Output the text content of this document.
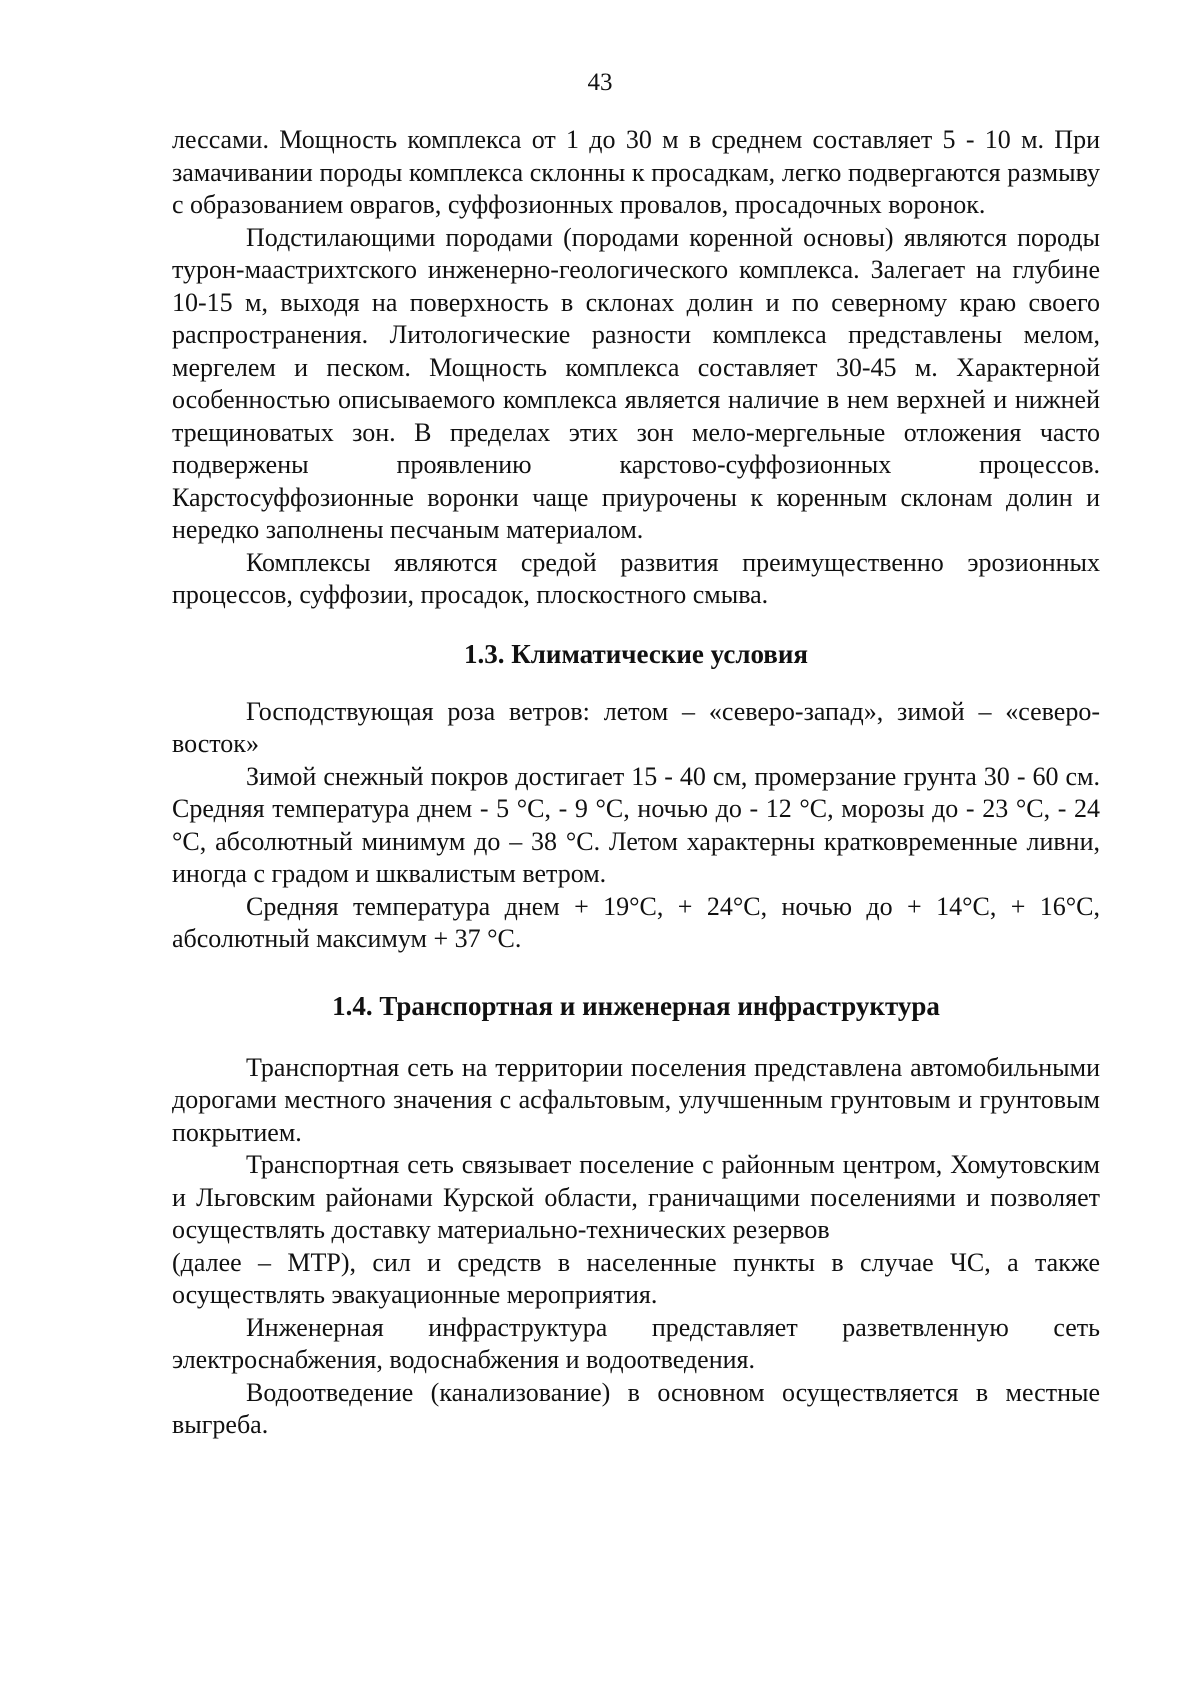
43

лессами. Мощность комплекса от 1 до 30 м в среднем составляет 5 - 10 м. При замачивании породы комплекса склонны к просадкам, легко подвергаются размыву с образованием оврагов, суффозионных провалов, просадочных воронок.

Подстилающими породами (породами коренной основы) являются породы турон-маастрихтского инженерно-геологического комплекса. Залегает на глубине 10-15 м, выходя на поверхность в склонах долин и по северному краю своего распространения. Литологические разности комплекса представлены мелом, мергелем и песком. Мощность комплекса составляет 30-45 м. Характерной особенностью описываемого комплекса является наличие в нем верхней и нижней трещиноватых зон. В пределах этих зон мело-мергельные отложения часто подвержены проявлению карстово-суффозионных процессов. Карстосуффозионные воронки чаще приурочены к коренным склонам долин и нередко заполнены песчаным материалом.

Комплексы являются средой развития преимущественно эрозионных процессов, суффозии, просадок, плоскостного смыва.

1.3. Климатические условия

Господствующая роза ветров: летом – «северо-запад», зимой – «северо-восток»

Зимой снежный покров достигает 15 - 40 см, промерзание грунта 30 - 60 см. Средняя температура днем - 5 °С, - 9 °С, ночью до - 12 °С, морозы до - 23 °С, - 24 °С, абсолютный минимум до – 38 °С. Летом характерны кратковременные ливни, иногда с градом и шквалистым ветром.

Средняя температура днем + 19°С, + 24°С, ночью до + 14°С, + 16°С, абсолютный максимум + 37 °С.

1.4. Транспортная и инженерная инфраструктура

Транспортная сеть на территории поселения представлена автомобильными дорогами местного значения с асфальтовым, улучшенным грунтовым и грунтовым покрытием.

Транспортная сеть связывает поселение с районным центром, Хомутовским и Льговским районами Курской области, граничащими поселениями и позволяет осуществлять доставку материально-технических резервов

(далее – МТР), сил и средств в населенные пункты в случае ЧС, а также осуществлять эвакуационные мероприятия.

Инженерная инфраструктура представляет разветвленную сеть электроснабжения, водоснабжения и водоотведения.

Водоотведение (канализование) в основном осуществляется в местные выгреба.
